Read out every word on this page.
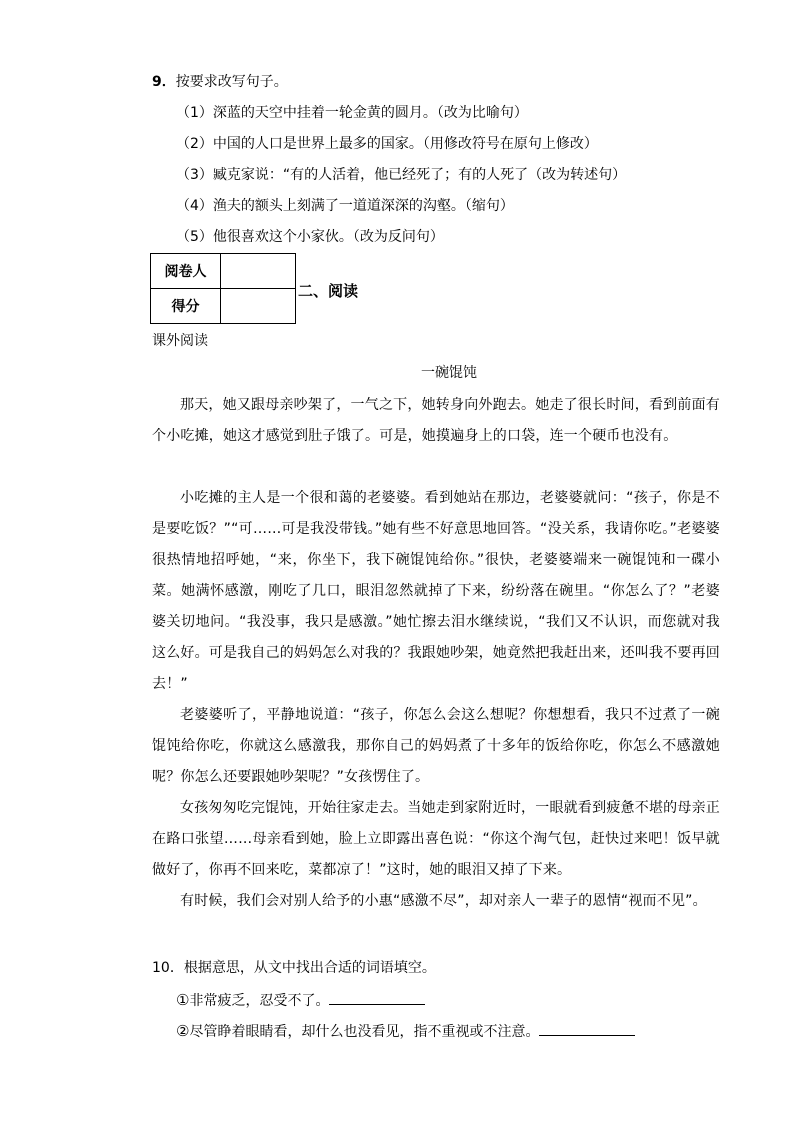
9．按要求改写句子。
（1）深蓝的天空中挂着一轮金黄的圆月。（改为比喻句）
（2）中国的人口是世界上最多的国家。（用修改符号在原句上修改）
（3）臧克家说：“有的人活着，他已经死了；有的人死了（改为转述句）
（4）渔夫的额头上刻满了一道道深深的沟壑。（缩句）
（5）他很喜欢这个小家伙。（改为反问句）
阅卷人	
得分	
二、阅读
课外阅读
一碗馄饨
那天，她又跟母亲吵架了，一气之下，她转身向外跑去。她走了很长时间，看到前面有个小吃摊，她这才感觉到肚子饿了。可是，她摸遍身上的口袋，连一个硬币也没有。
小吃摊的主人是一个很和蔼的老婆婆。看到她站在那边，老婆婆就问：“孩子，你是不是要吃饭？”“可……可是我没带钱。”她有些不好意思地回答。“没关系，我请你吃。”老婆婆很热情地招呼她，“来，你坐下，我下碗馄饨给你。”很快，老婆婆端来一碗馄饨和一碟小菜。她满怀感激，刚吃了几口，眼泪忽然就掉了下来，纷纷落在碗里。“你怎么了？”老婆婆关切地问。“我没事，我只是感激。”她忙擦去泪水继续说，“我们又不认识，而您就对我这么好。可是我自己的妈妈怎么对我的？我跟她吵架，她竟然把我赶出来，还叫我不要再回去！”
老婆婆听了，平静地说道：“孩子，你怎么会这么想呢？你想想看，我只不过煮了一碗馄饨给你吃，你就这么感激我，那你自己的妈妈煮了十多年的饭给你吃，你怎么不感激她呢？你怎么还要跟她吵架呢？”女孩愣住了。
女孩匆匆吃完馄饨，开始往家走去。当她走到家附近时，一眼就看到疲惫不堪的母亲正在路口张望……母亲看到她，脸上立即露出喜色说：“你这个淘气包，赶快过来吧！饭早就做好了，你再不回来吃，菜都凉了！”这时，她的眼泪又掉了下来。
有时候，我们会对别人给予的小惠“感激不尽”，却对亲人一辈子的恩情“视而不见”。
10．根据意思，从文中找出合适的词语填空。
①非常疲乏，忍受不了。
②尽管睁着眼睛看，却什么也没看见，指不重视或不注意。
